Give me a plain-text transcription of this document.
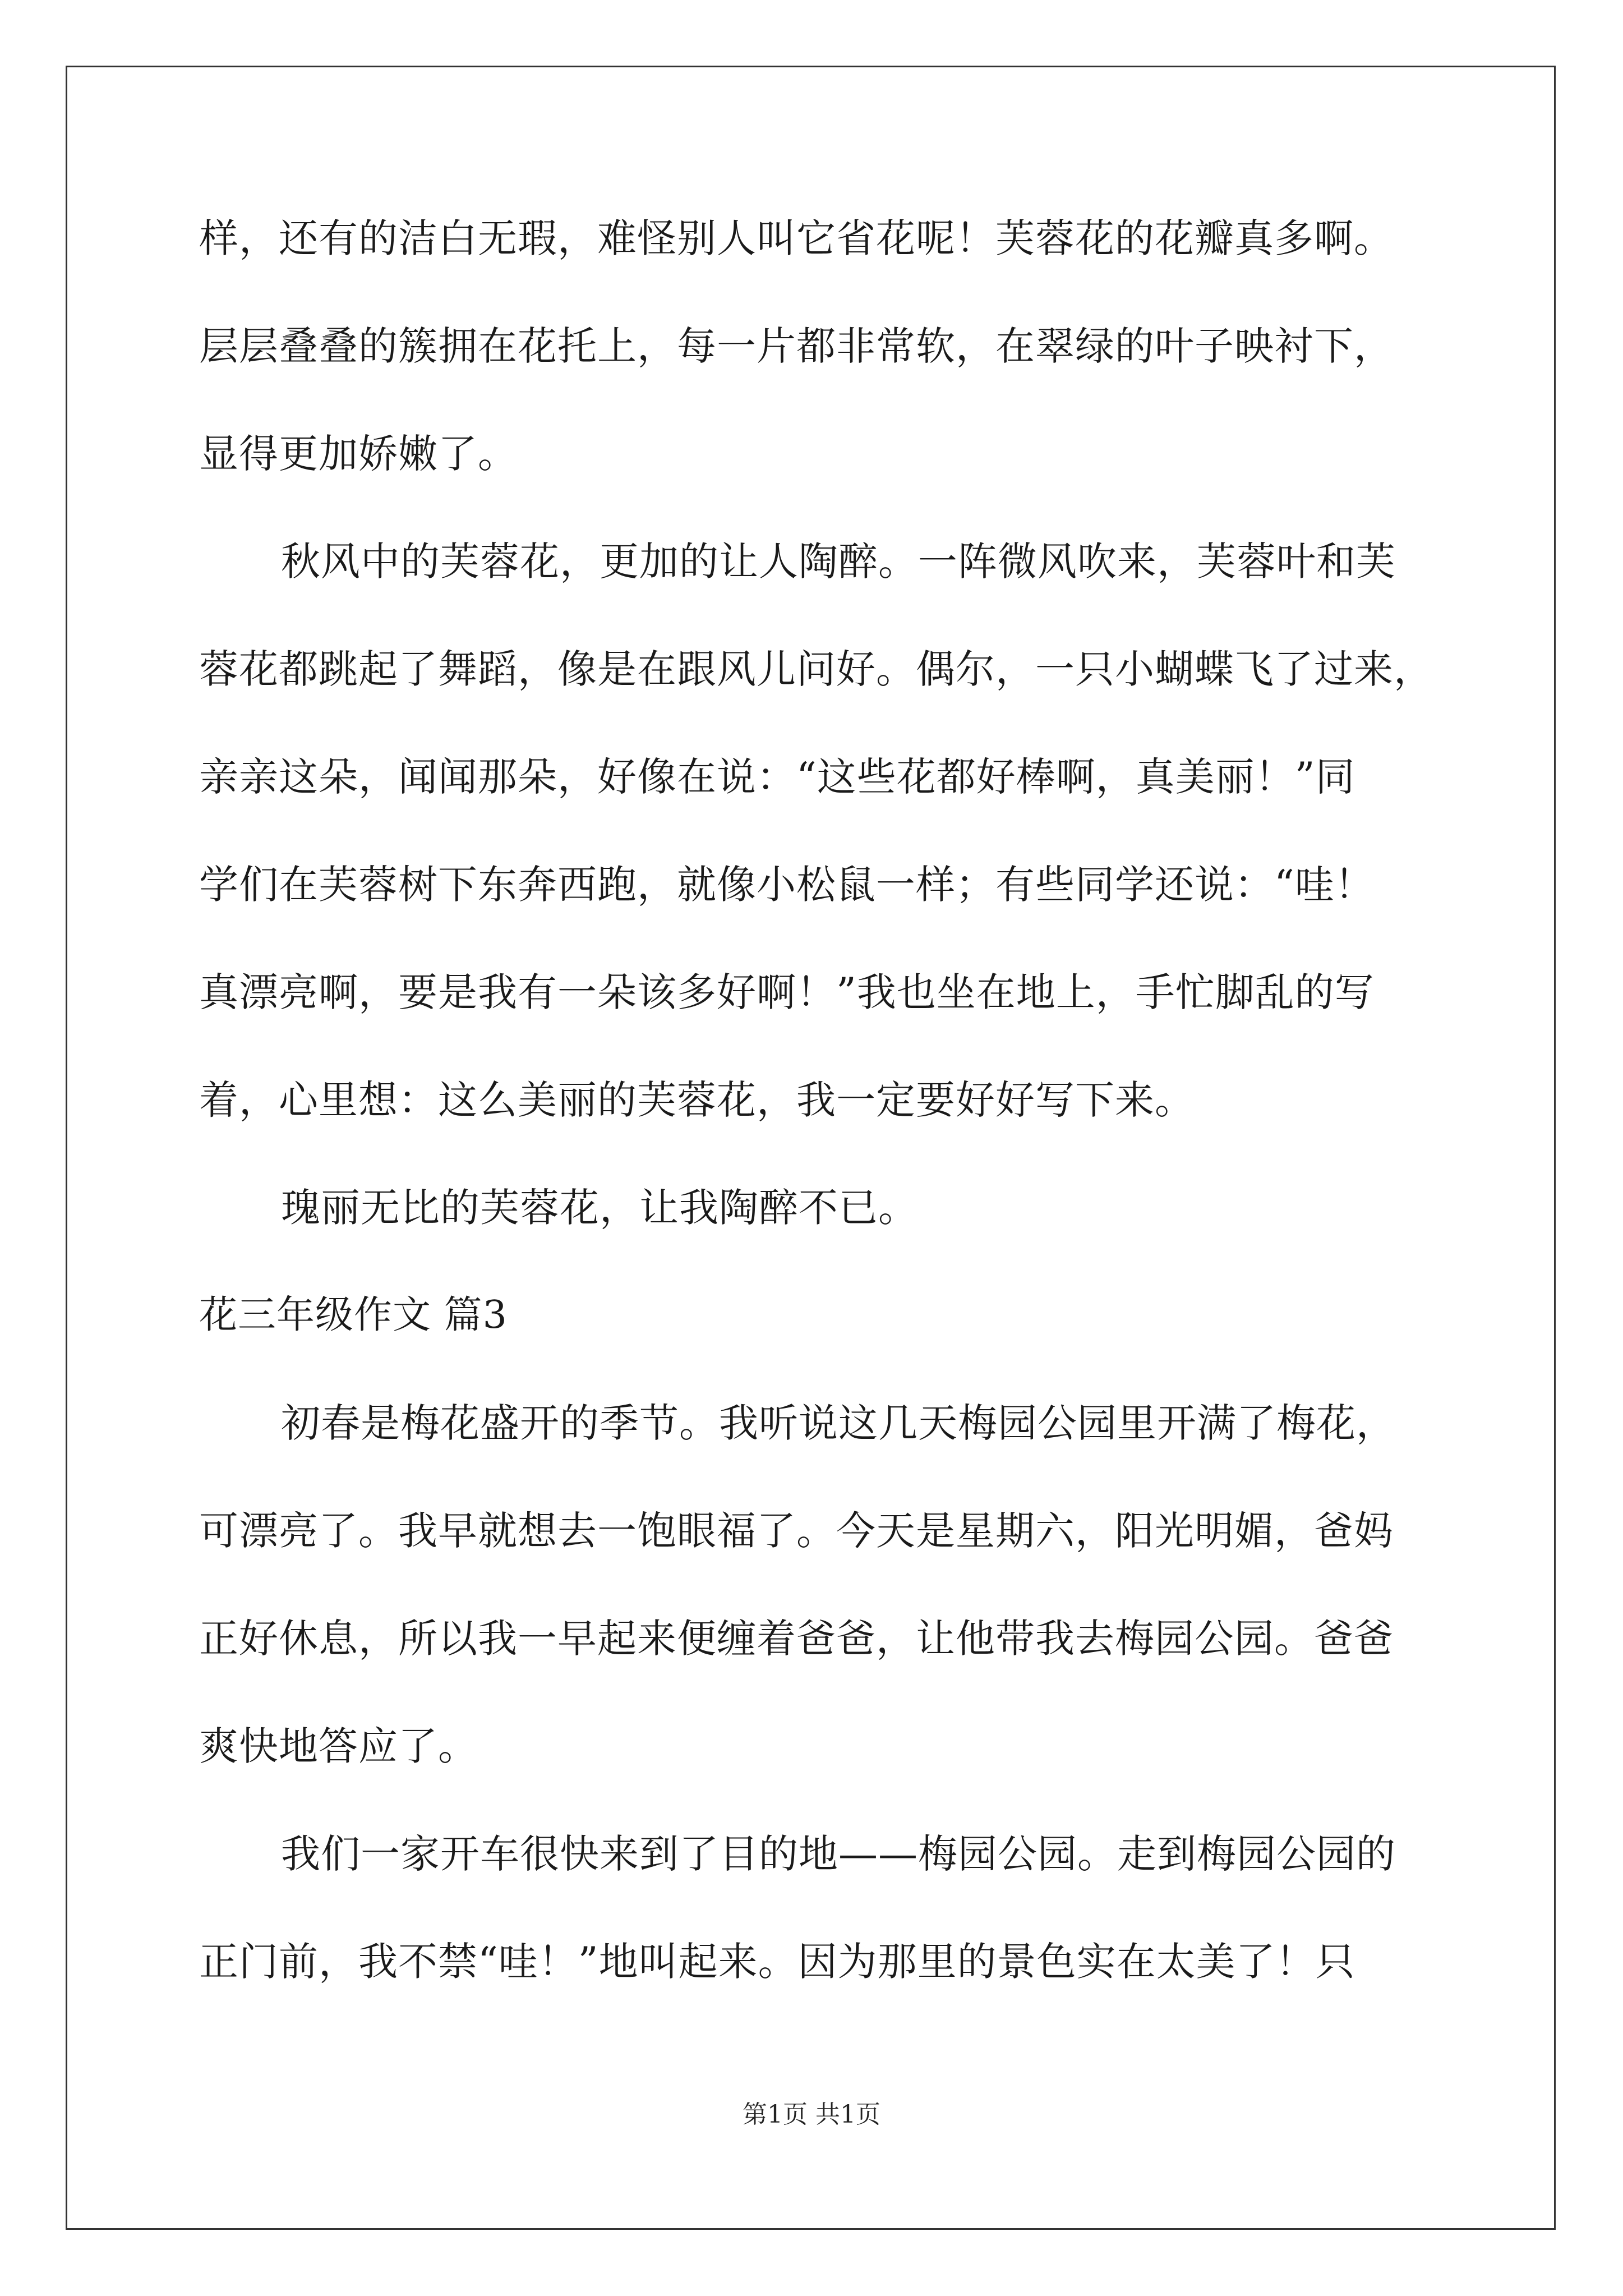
样，还有的洁白无瑕，难怪别人叫它省花呢！芙蓉花的花瓣真多啊。
层层叠叠的簇拥在花托上，每一片都非常软，在翠绿的叶子映衬下，
显得更加娇嫩了。
秋风中的芙蓉花，更加的让人陶醉。一阵微风吹来，芙蓉叶和芙
蓉花都跳起了舞蹈，像是在跟风儿问好。偶尔，一只小蝴蝶飞了过来，
亲亲这朵，闻闻那朵，好像在说：“这些花都好棒啊，真美丽！”同
学们在芙蓉树下东奔西跑，就像小松鼠一样；有些同学还说：“哇！
真漂亮啊，要是我有一朵该多好啊！”我也坐在地上，手忙脚乱的写
着，心里想：这么美丽的芙蓉花，我一定要好好写下来。
瑰丽无比的芙蓉花，让我陶醉不已。
花三年级作文 篇3
初春是梅花盛开的季节。我听说这几天梅园公园里开满了梅花，
可漂亮了。我早就想去一饱眼福了。今天是星期六，阳光明媚，爸妈
正好休息，所以我一早起来便缠着爸爸，让他带我去梅园公园。爸爸
爽快地答应了。
我们一家开车很快来到了目的地——梅园公园。走到梅园公园的
正门前，我不禁“哇！”地叫起来。因为那里的景色实在太美了！只
第1页 共1页
